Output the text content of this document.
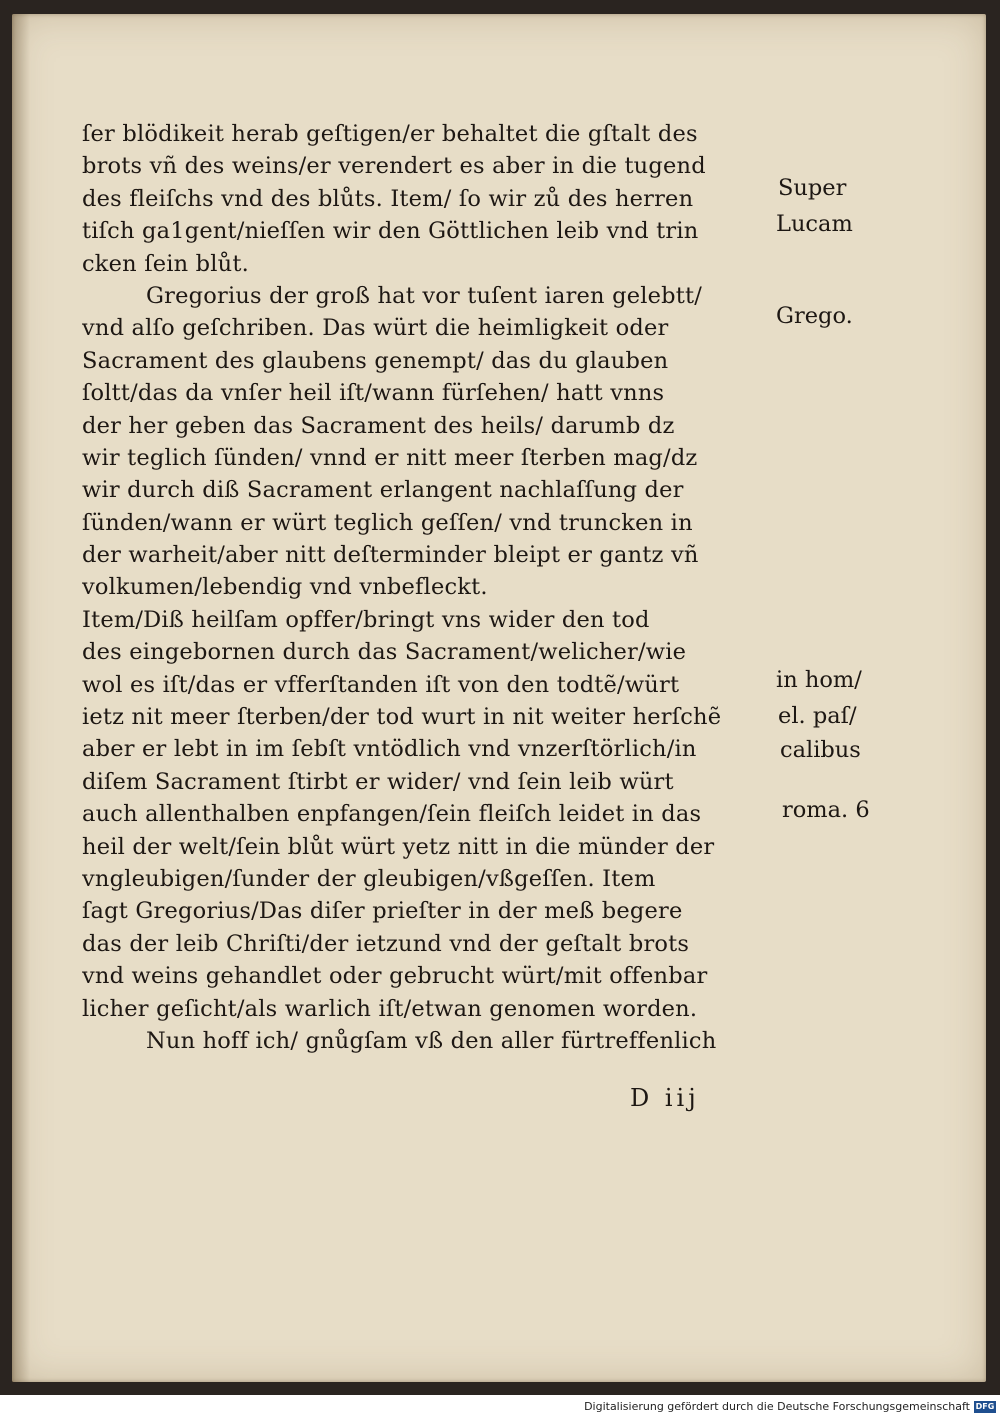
ſer blödikeit herab geſtigen/er behaltet die gſtalt des
brots vñ des weins/er verendert es aber in die tugend
des fleiſchs vnd des blůts. Item/ ſo wir zů des herren
tiſch ga1gent/nieſſen wir den Göttlichen leib vnd trin
cken ſein blůt.
Gregorius der groß hat vor tuſent iaren gelebtt/
vnd alſo geſchriben. Das würt die heimligkeit oder
Sacrament des glaubens genempt/ das du glauben
ſoltt/das da vnſer heil iſt/wann fürſehen/ hatt vnns
der her geben das Sacrament des heils/ darumb dz
wir teglich ſünden/ vnnd er nitt meer ſterben mag/dz
wir durch diß Sacrament erlangent nachlaſſung der
ſünden/wann er würt teglich geſſen/ vnd truncken in
der warheit/aber nitt deſterminder bleipt er gantz vñ
volkumen/lebendig vnd vnbefleckt.
Item/Diß heilſam opffer/bringt vns wider den tod
des eingebornen durch das Sacrament/welicher/wie
wol es iſt/das er vfferſtanden iſt von den todtẽ/würt
ietz nit meer ſterben/der tod wurt in nit weiter herſchẽ
aber er lebt in im ſebſt vntödlich vnd vnzerſtörlich/in
diſem Sacrament ſtirbt er wider/ vnd ſein leib würt
auch allenthalben enpfangen/ſein fleiſch leidet in das
heil der welt/ſein blůt würt yetz nitt in die münder der
vngleubigen/ſunder der gleubigen/vßgeſſen. Item
ſagt Gregorius/Das diſer prieſter in der meß begere
das der leib Chriſti/der ietzund vnd der geſtalt brots
vnd weins gehandlet oder gebrucht würt/mit offenbar
licher geſicht/als warlich iſt/etwan genomen worden.
Nun hoff ich/ gnůgſam vß den aller fürtreffenlich
Super
Lucam
Grego.
in hom/
el. paſ/
calibus
roma. 6
D iij
Digitalisierung gefördert durch die Deutsche Forschungsgemeinschaft DFG
